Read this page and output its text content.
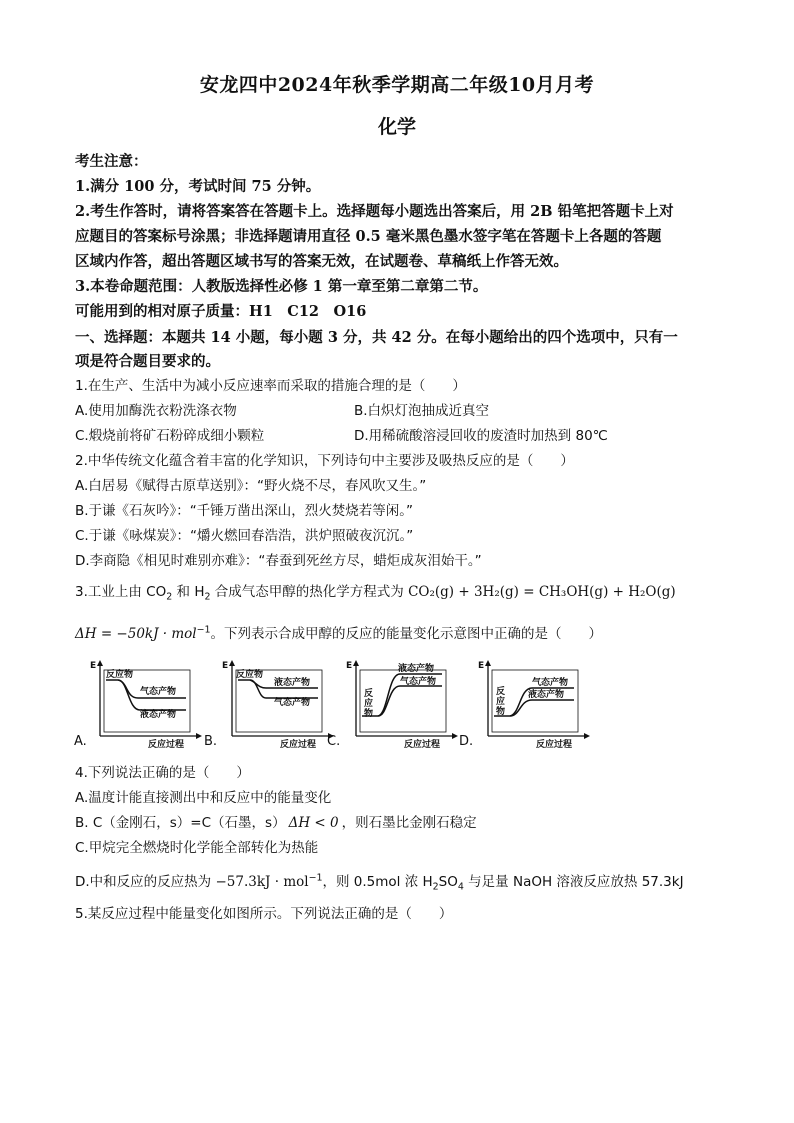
安龙四中2024年秋季学期高二年级10月月考
化学
考生注意：
1.满分 100 分，考试时间 75 分钟。
2.考生作答时，请将答案答在答题卡上。选择题每小题选出答案后，用 2B 铅笔把答题卡上对
应题目的答案标号涂黑；非选择题请用直径 0.5 毫米黑色墨水签字笔在答题卡上各题的答题
区域内作答，超出答题区域书写的答案无效，在试题卷、草稿纸上作答无效。
3.本卷命题范围：人教版选择性必修 1 第一章至第二章第二节。
可能用到的相对原子质量：H1　C12　O16
一、选择题：本题共 14 小题，每小题 3 分，共 42 分。在每小题给出的四个选项中，只有一
项是符合题目要求的。
1.在生产、生活中为减小反应速率而采取的措施合理的是（　　）
A.使用加酶洗衣粉洗涤衣物	B.白炽灯泡抽成近真空
C.煅烧前将矿石粉碎成细小颗粒	D.用稀硫酸溶浸回收的废渣时加热到 80℃
2.中华传统文化蕴含着丰富的化学知识，下列诗句中主要涉及吸热反应的是（　　）
A.白居易《赋得古原草送别》：“野火烧不尽，春风吹又生。”
B.于谦《石灰吟》：“千锤万凿出深山，烈火焚烧若等闲。”
C.于谦《咏煤炭》：“爝火燃回春浩浩，洪炉照破夜沉沉。”
D.李商隐《相见时难别亦难》：“春蚕到死丝方尽，蜡炬成灰泪始干。”
3.工业上由 $CO_2$ 和 $H_2$ 合成气态甲醇的热化学方程式为 CO₂(g) + 3H₂(g) = CH₃OH(g) + H₂O(g)
ΔH = −50kJ · mol$^{-1}$。下列表示合成甲醇的反应的能量变化示意图中正确的是（　　）
E
反应物
气态产物
液态产物
反应过程
A.
E
反应物
液态产物
气态产物
反应过程
B.
E	液态产物
气态产物
反
应
物
反应过程
C.
E
气态产物
液态产物
反
应
物
反应过程
D.
4.下列说法正确的是（　　）
A.温度计能直接测出中和反应中的能量变化
B. C（金刚石，s）=C（石墨，s） ΔH < 0 ，则石墨比金刚石稳定
C.甲烷完全燃烧时化学能全部转化为热能
D.中和反应的反应热为 −57.3kJ · mol$^{-1}$，则 0.5mol 浓 $H_2SO_4$ 与足量 NaOH 溶液反应放热 57.3kJ
5.某反应过程中能量变化如图所示。下列说法正确的是（　　）
